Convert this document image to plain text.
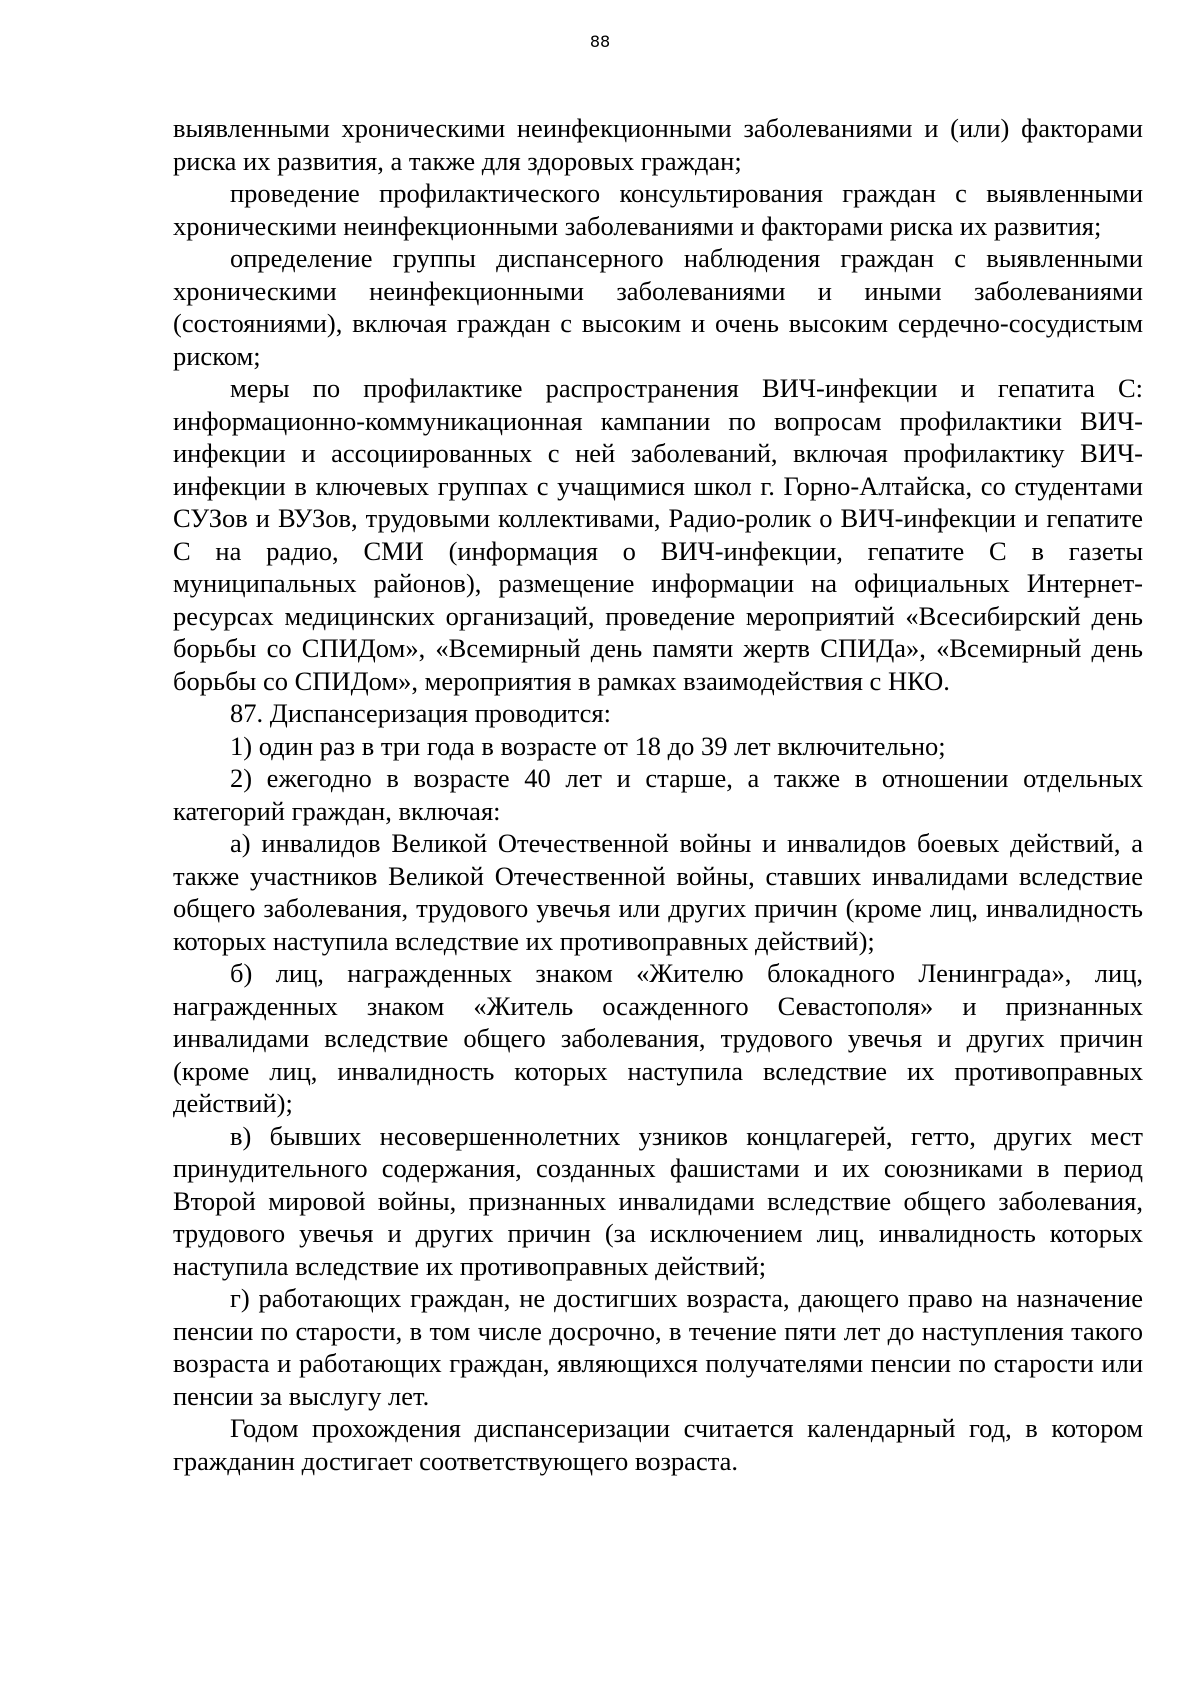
88

выявленными хроническими неинфекционными заболеваниями и (или) факторами риска их развития, а также для здоровых граждан;

проведение профилактического консультирования граждан с выявленными хроническими неинфекционными заболеваниями и факторами риска их развития;

определение группы диспансерного наблюдения граждан с выявленными хроническими неинфекционными заболеваниями и иными заболеваниями (состояниями), включая граждан с высоким и очень высоким сердечно-сосудистым риском;

меры по профилактике распространения ВИЧ-инфекции и гепатита С: информационно-коммуникационная кампании по вопросам профилактики ВИЧ-инфекции и ассоциированных с ней заболеваний, включая профилактику ВИЧ-инфекции в ключевых группах с учащимися школ г. Горно-Алтайска, со студентами СУЗов и ВУЗов, трудовыми коллективами, Радио-ролик о ВИЧ-инфекции и гепатите С на радио, СМИ (информация о ВИЧ-инфекции, гепатите С в газеты муниципальных районов), размещение информации на официальных Интернет-ресурсах медицинских организаций, проведение мероприятий «Всесибирский день борьбы со СПИДом», «Всемирный день памяти жертв СПИДа», «Всемирный день борьбы со СПИДом», мероприятия в рамках взаимодействия с НКО.

87. Диспансеризация проводится:

1) один раз в три года в возрасте от 18 до 39 лет включительно;

2) ежегодно в возрасте 40 лет и старше, а также в отношении отдельных категорий граждан, включая:

а) инвалидов Великой Отечественной войны и инвалидов боевых действий, а также участников Великой Отечественной войны, ставших инвалидами вследствие общего заболевания, трудового увечья или других причин (кроме лиц, инвалидность которых наступила вследствие их противоправных действий);

б) лиц, награжденных знаком «Жителю блокадного Ленинграда», лиц, награжденных знаком «Житель осажденного Севастополя» и признанных инвалидами вследствие общего заболевания, трудового увечья и других причин (кроме лиц, инвалидность которых наступила вследствие их противоправных действий);

в) бывших несовершеннолетних узников концлагерей, гетто, других мест принудительного содержания, созданных фашистами и их союзниками в период Второй мировой войны, признанных инвалидами вследствие общего заболевания, трудового увечья и других причин (за исключением лиц, инвалидность которых наступила вследствие их противоправных действий;

г) работающих граждан, не достигших возраста, дающего право на назначение пенсии по старости, в том числе досрочно, в течение пяти лет до наступления такого возраста и работающих граждан, являющихся получателями пенсии по старости или пенсии за выслугу лет.

Годом прохождения диспансеризации считается календарный год, в котором гражданин достигает соответствующего возраста.
